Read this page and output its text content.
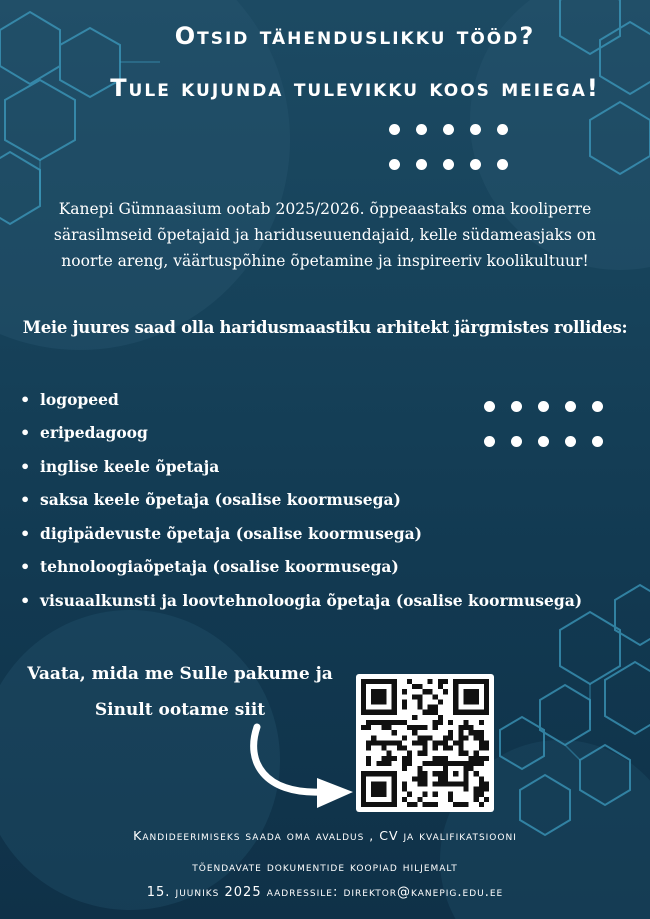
Otsid tähenduslikku tööd?
Tule kujunda tulevikku koos meiega!

Kanepi Gümnaasium ootab 2025/2026. õppeaastaks oma kooliperre
särasilmseid õpetajaid ja hariduseuuendajaid, kelle südameasjaks on
noorte areng, väärtuspõhine õpetamine ja inspireeriv koolikultuur!

Meie juures saad olla haridusmaastiku arhitekt järgmistes rollides:

• logopeed
• eripedagoog
• inglise keele õpetaja
• saksa keele õpetaja (osalise koormusega)
• digipädevuste õpetaja (osalise koormusega)
• tehnoloogiaõpetaja (osalise koormusega)
• visuaalkunsti ja loovtehnoloogia õpetaja (osalise koormusega)

Vaata, mida me Sulle pakume ja
Sinult ootame siit

Kandideerimiseks saada oma avaldus , CV ja kvalifikatsiooni

tõendavate dokumentide koopiad hiljemalt

15. juuniks 2025 aadressile: direktor@kanepig.edu.ee
